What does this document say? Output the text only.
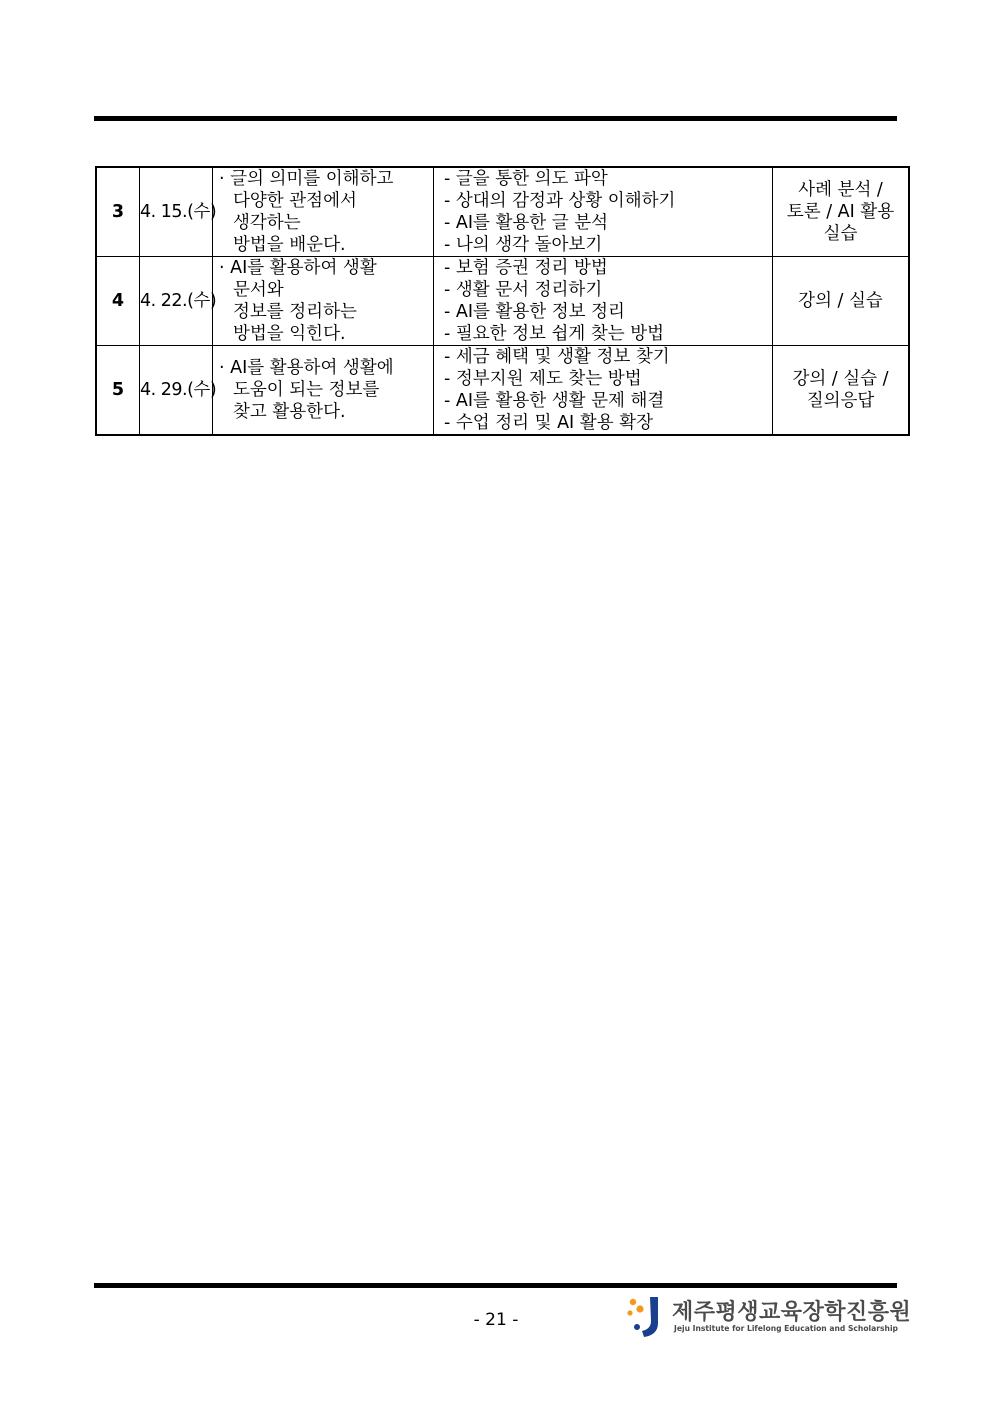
3	4. 15.(수)	· 글의 의미를 이해하고
다양한 관점에서
생각하는
방법을 배운다.	- 글을 통한 의도 파악
- 상대의 감정과 상황 이해하기
- AI를 활용한 글 분석
- 나의 생각 돌아보기	사례 분석 /
토론 / AI 활용
실습

4	4. 22.(수)	· AI를 활용하여 생활
문서와
정보를 정리하는
방법을 익힌다.	- 보험 증권 정리 방법
- 생활 문서 정리하기
- AI를 활용한 정보 정리
- 필요한 정보 쉽게 찾는 방법	강의 / 실습

5	4. 29.(수)	· AI를 활용하여 생활에
도움이 되는 정보를
찾고 활용한다.	- 세금 혜택 및 생활 정보 찾기
- 정부지원 제도 찾는 방법
- AI를 활용한 생활 문제 해결
- 수업 정리 및 AI 활용 확장	강의 / 실습 /
질의응답
- 21 -	제주평생교육장학진흥원
Jeju Institute for Lifelong Education and Scholarship
